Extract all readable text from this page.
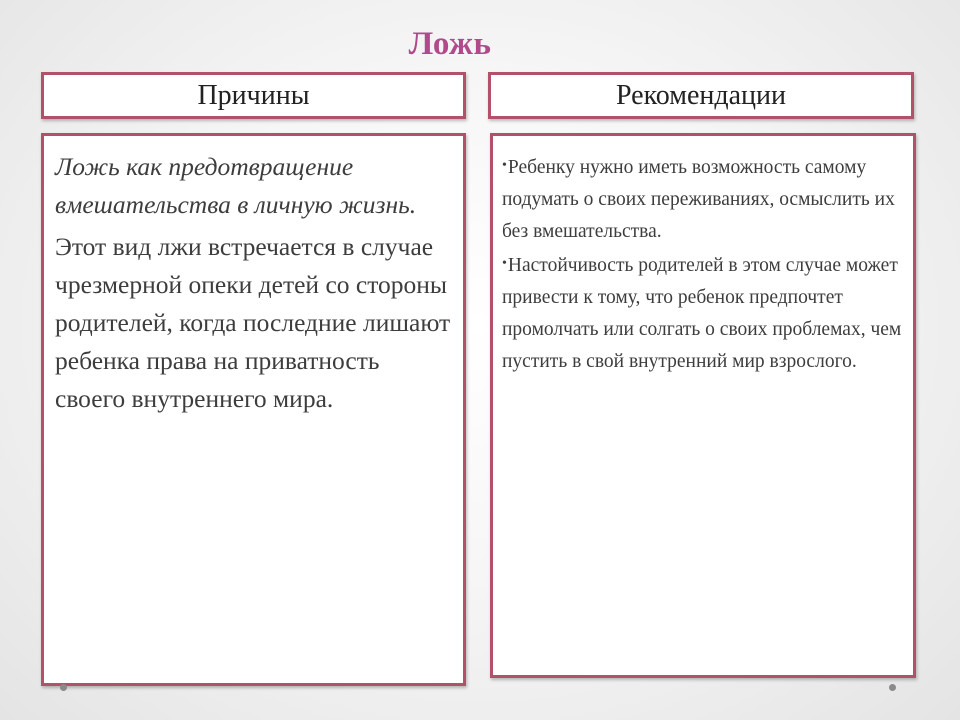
Ложь
Причины	Рекомендации

Ложь как предотвращение вмешательства в личную жизнь.

Этот вид лжи встречается в случае чрезмерной опеки детей со стороны родителей, когда последние лишают ребенка права на приватность своего внутреннего мира.

•Ребенку нужно иметь возможность самому подумать о своих переживаниях, осмыслить их без вмешательства.

•Настойчивость родителей в этом случае может привести к тому, что ребенок предпочтет промолчать или солгать о своих проблемах, чем пустить в свой внутренний мир взрослого.
